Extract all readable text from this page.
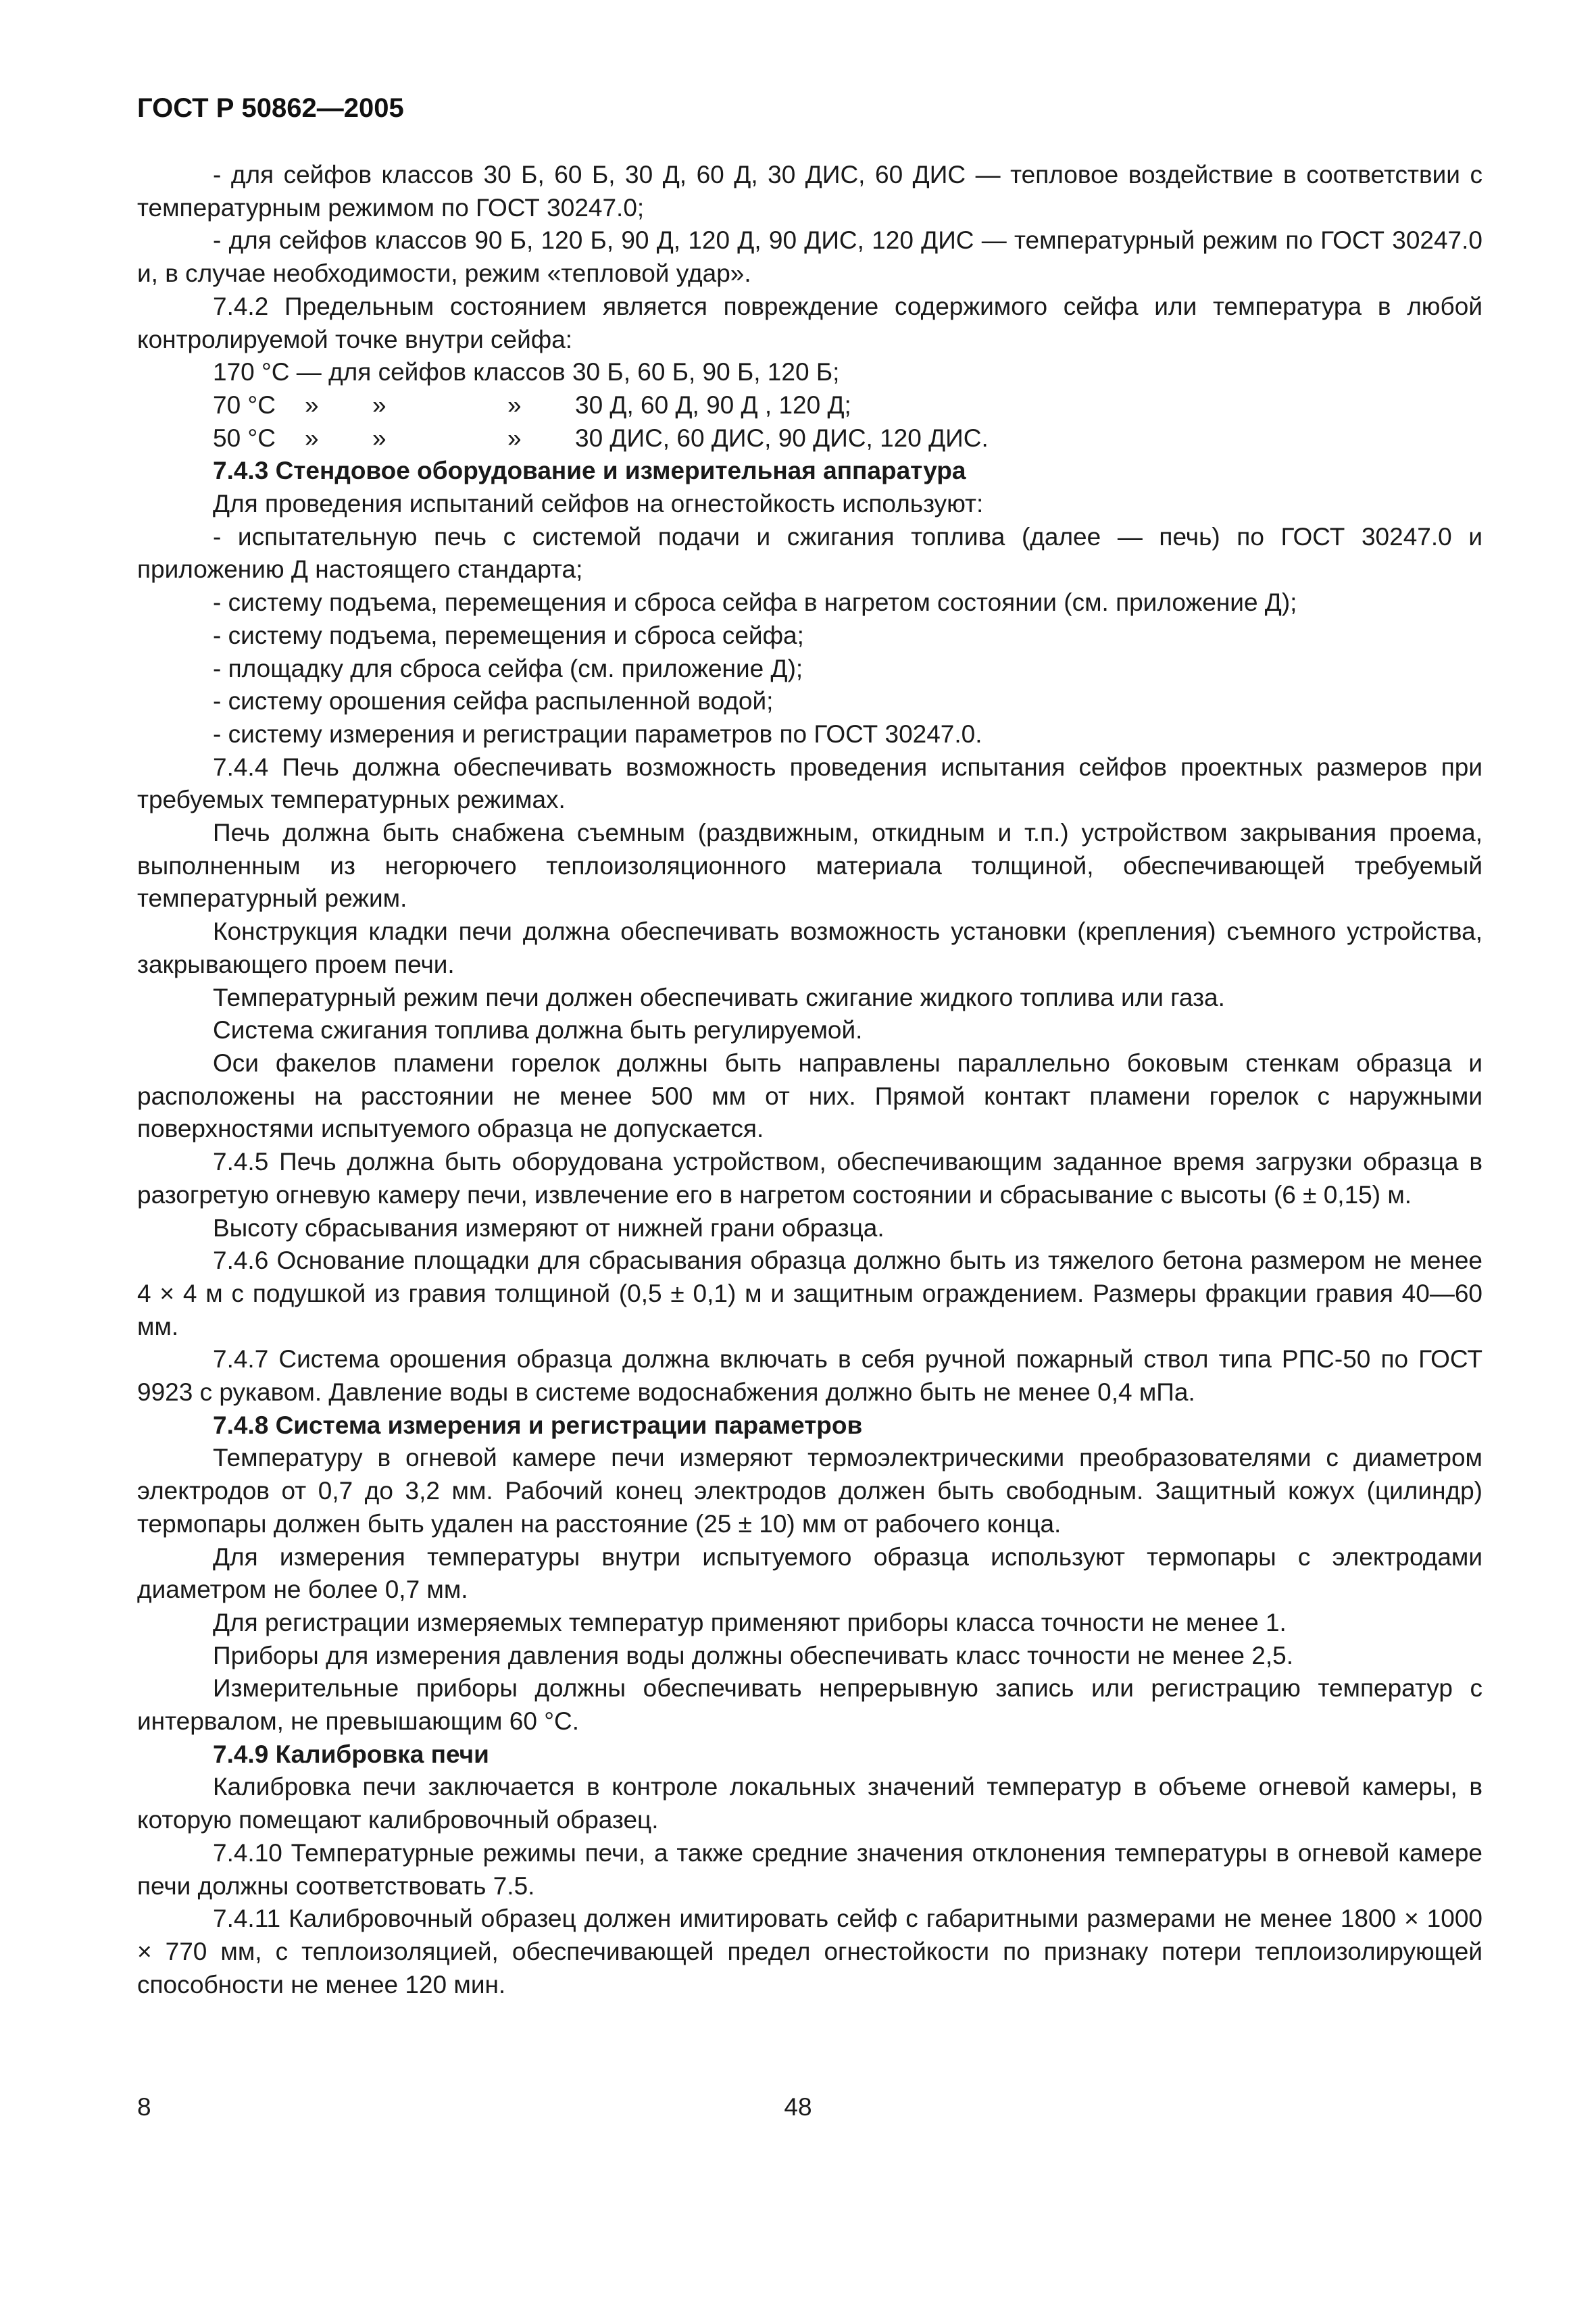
ГОСТ Р 50862—2005

- для сейфов классов 30 Б, 60 Б, 30 Д, 60 Д, 30 ДИС, 60 ДИС — тепловое воздействие в соответствии с температурным режимом по ГОСТ 30247.0;

- для сейфов классов 90 Б, 120 Б, 90 Д, 120 Д, 90 ДИС, 120 ДИС — температурный режим по ГОСТ 30247.0 и, в случае необходимости, режим «тепловой удар».

7.4.2 Предельным состоянием является повреждение содержимого сейфа или температура в любой контролируемой точке внутри сейфа:

170 °C — для сейфов классов 30 Б, 60 Б, 90 Б, 120 Б;

70 °C	»	»	»	30 Д, 60 Д, 90 Д , 120 Д;

50 °C	»	»	»	30 ДИС, 60 ДИС, 90 ДИС, 120 ДИС.

7.4.3 Стендовое оборудование и измерительная аппаратура

Для проведения испытаний сейфов на огнестойкость используют:

- испытательную печь с системой подачи и сжигания топлива (далее — печь) по ГОСТ 30247.0 и приложению Д настоящего стандарта;

- систему подъема, перемещения и сброса сейфа в нагретом состоянии (см. приложение Д);

- систему подъема, перемещения и сброса сейфа;

- площадку для сброса сейфа (см. приложение Д);

- систему орошения сейфа распыленной водой;

- систему измерения и регистрации параметров по ГОСТ 30247.0.

7.4.4 Печь должна обеспечивать возможность проведения испытания сейфов проектных размеров при требуемых температурных режимах.

Печь должна быть снабжена съемным (раздвижным, откидным и т.п.) устройством закрывания проема, выполненным из негорючего теплоизоляционного материала толщиной, обеспечивающей требуемый температурный режим.

Конструкция кладки печи должна обеспечивать возможность установки (крепления) съемного устройства, закрывающего проем печи.

Температурный режим печи должен обеспечивать сжигание жидкого топлива или газа.

Система сжигания топлива должна быть регулируемой.

Оси факелов пламени горелок должны быть направлены параллельно боковым стенкам образца и расположены на расстоянии не менее 500 мм от них. Прямой контакт пламени горелок с наружными поверхностями испытуемого образца не допускается.

7.4.5 Печь должна быть оборудована устройством, обеспечивающим заданное время загрузки образца в разогретую огневую камеру печи, извлечение его в нагретом состоянии и сбрасывание с высоты (6 ± 0,15) м.

Высоту сбрасывания измеряют от нижней грани образца.

7.4.6 Основание площадки для сбрасывания образца должно быть из тяжелого бетона размером не менее 4 × 4 м с подушкой из гравия толщиной (0,5 ± 0,1) м и защитным ограждением. Размеры фракции гравия 40—60 мм.

7.4.7 Система орошения образца должна включать в себя ручной пожарный ствол типа РПС-50 по ГОСТ 9923 с рукавом. Давление воды в системе водоснабжения должно быть не менее 0,4 мПа.

7.4.8 Система измерения и регистрации параметров

Температуру в огневой камере печи измеряют термоэлектрическими преобразователями с диаметром электродов от 0,7 до 3,2 мм. Рабочий конец электродов должен быть свободным. Защитный кожух (цилиндр) термопары должен быть удален на расстояние (25 ± 10) мм от рабочего конца.

Для измерения температуры внутри испытуемого образца используют термопары с электродами диаметром не более 0,7 мм.

Для регистрации измеряемых температур применяют приборы класса точности не менее 1.

Приборы для измерения давления воды должны обеспечивать класс точности не менее 2,5.

Измерительные приборы должны обеспечивать непрерывную запись или регистрацию температур с интервалом, не превышающим 60 °C.

7.4.9 Калибровка печи

Калибровка печи заключается в контроле локальных значений температур в объеме огневой камеры, в которую помещают калибровочный образец.

7.4.10 Температурные режимы печи, а также средние значения отклонения температуры в огневой камере печи должны соответствовать 7.5.

7.4.11 Калибровочный образец должен имитировать сейф с габаритными размерами не менее 1800 × 1000 × 770 мм, с теплоизоляцией, обеспечивающей предел огнестойкости по признаку потери теплоизолирующей способности не менее 120 мин.

8	48
